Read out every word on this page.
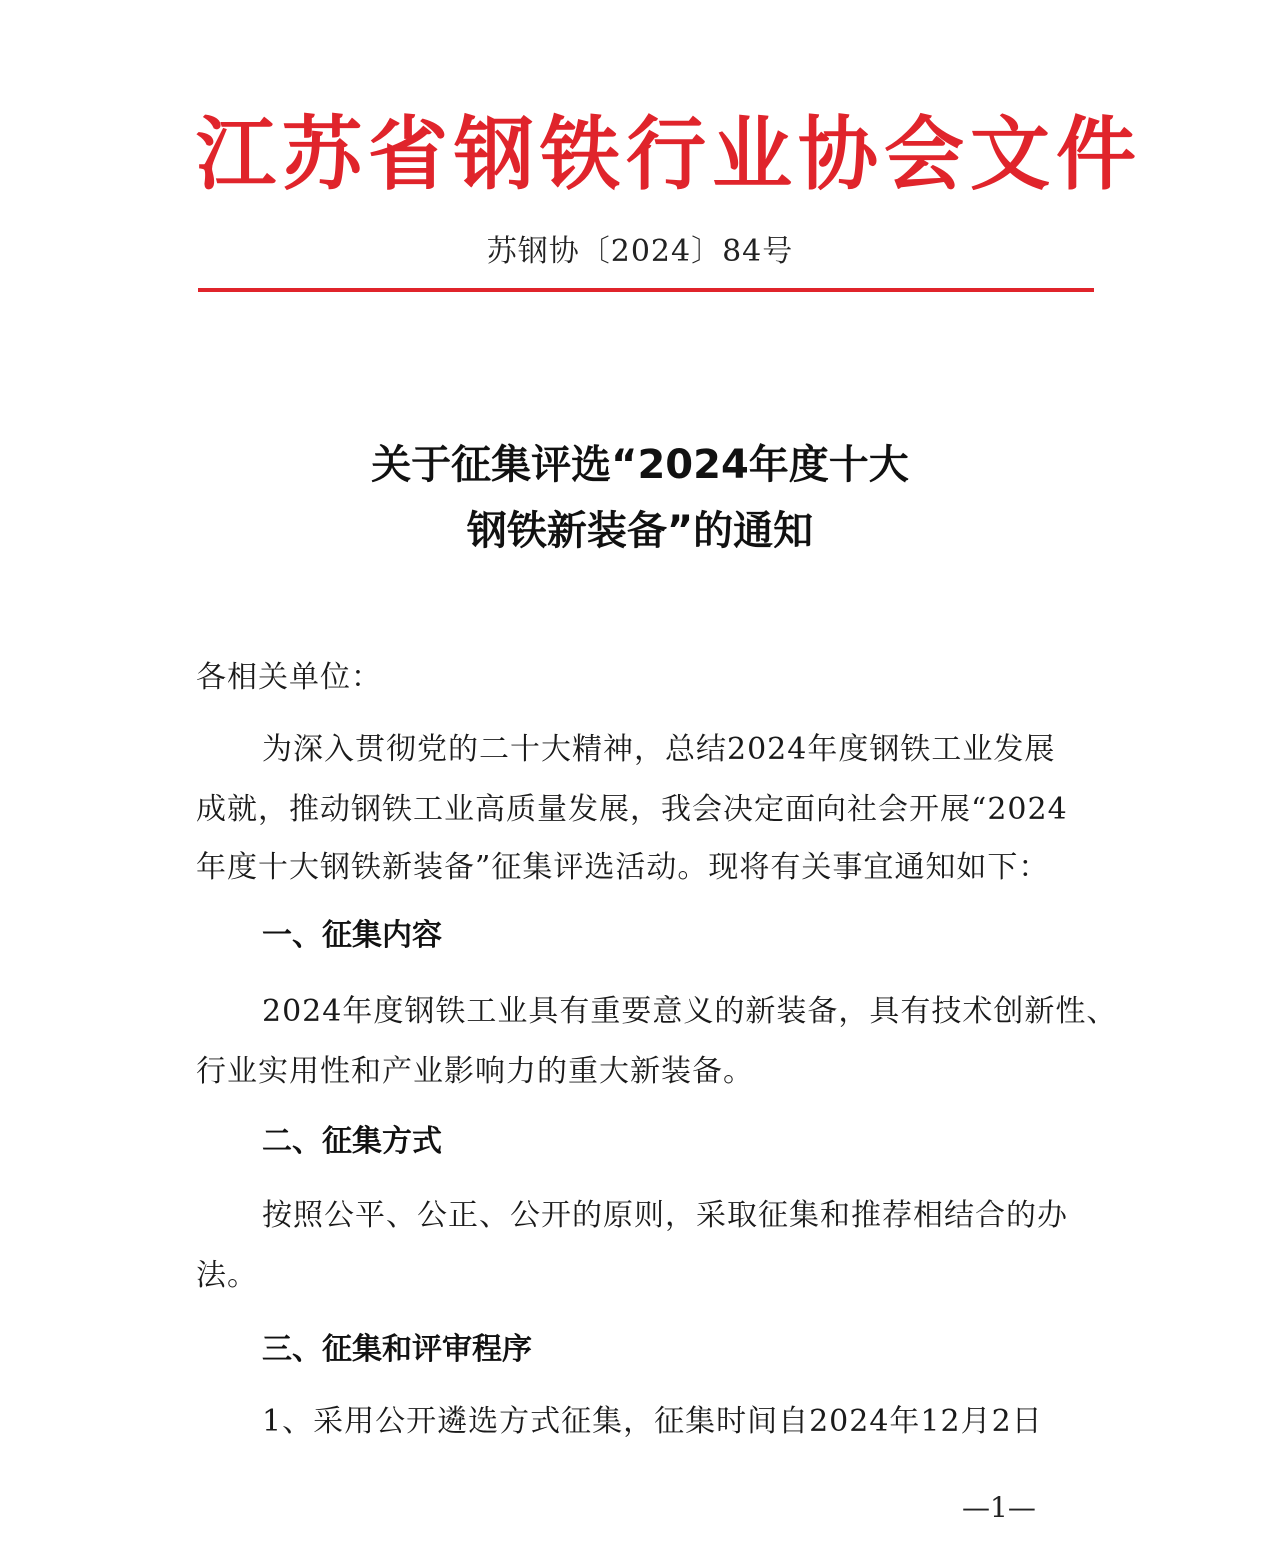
江苏省钢铁行业协会文件
苏钢协〔2024〕84号
关于征集评选“2024年度十大
钢铁新装备”的通知
各相关单位：
为深入贯彻党的二十大精神，总结2024年度钢铁工业发展
成就，推动钢铁工业高质量发展，我会决定面向社会开展“2024
年度十大钢铁新装备”征集评选活动。现将有关事宜通知如下：
一、征集内容
2024年度钢铁工业具有重要意义的新装备，具有技术创新性、
行业实用性和产业影响力的重大新装备。
二、征集方式
按照公平、公正、公开的原则，采取征集和推荐相结合的办
法。
三、征集和评审程序
1、采用公开遴选方式征集，征集时间自2024年12月2日
—1—
